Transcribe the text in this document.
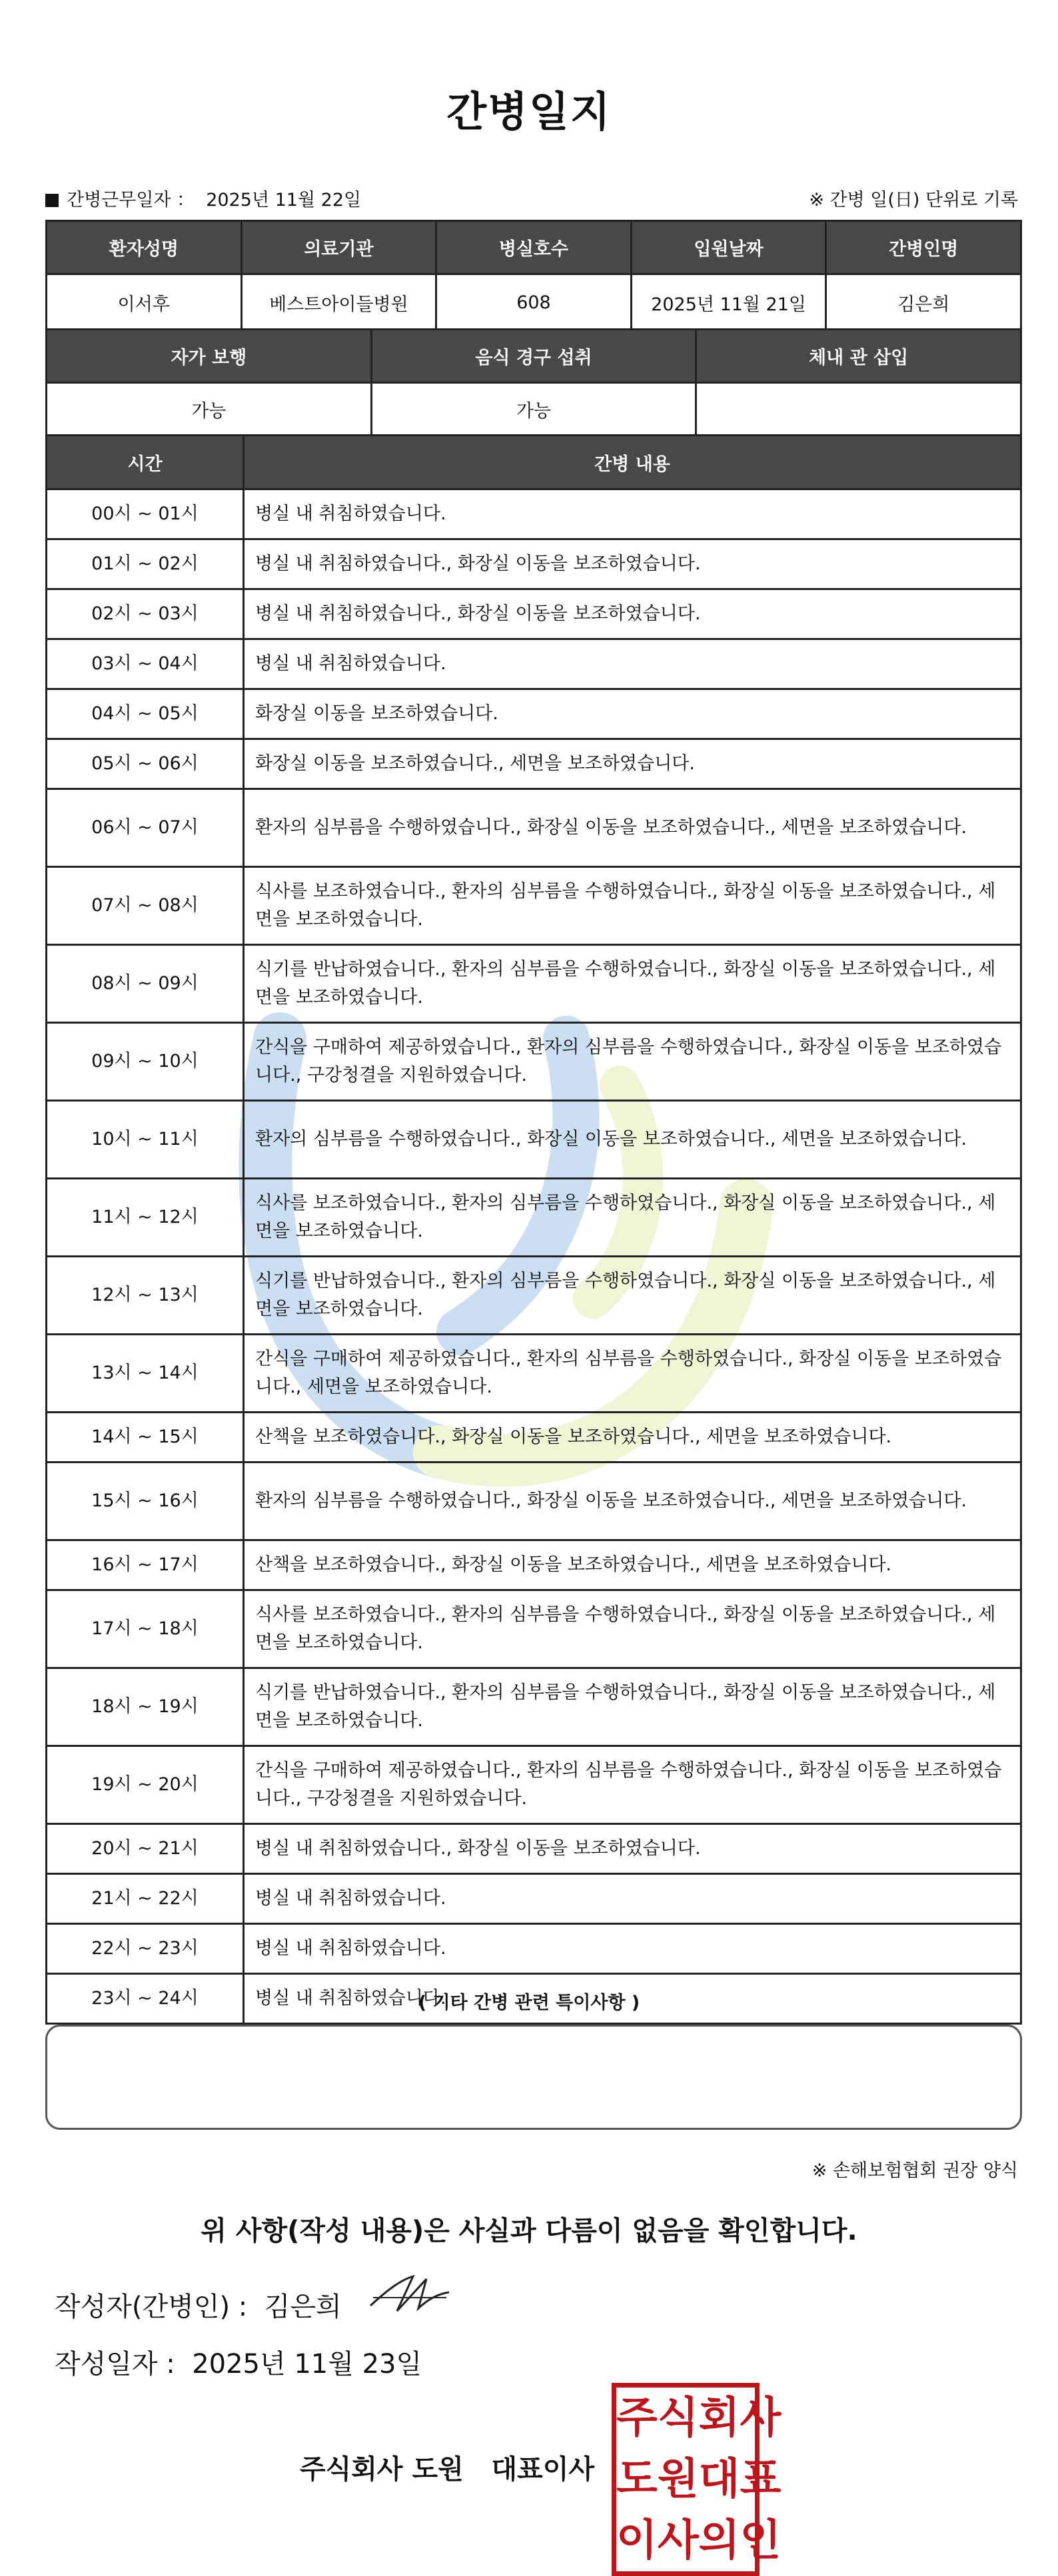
간병일지
간병근무일자 ： 2025년 11월 22일	※ 간병 일(日) 단위로 기록
환자성명	의료기관	병실호수	입원날짜	간병인명
이서후	베스트아이들병원	608	2025년 11월 21일	김은희
자가 보행	음식 경구 섭취	체내 관 삽입
가능	가능	
시간	간병 내용
00시 ~ 01시	병실 내 취침하였습니다.
01시 ~ 02시	병실 내 취침하였습니다., 화장실 이동을 보조하였습니다.
02시 ~ 03시	병실 내 취침하였습니다., 화장실 이동을 보조하였습니다.
03시 ~ 04시	병실 내 취침하였습니다.
04시 ~ 05시	화장실 이동을 보조하였습니다.
05시 ~ 06시	화장실 이동을 보조하였습니다., 세면을 보조하였습니다.
06시 ~ 07시	환자의 심부름을 수행하였습니다., 화장실 이동을 보조하였습니다., 세면을 보조하였습니다.
07시 ~ 08시	식사를 보조하였습니다., 환자의 심부름을 수행하였습니다., 화장실 이동을 보조하였습니다., 세면을 보조하였습니다.
08시 ~ 09시	식기를 반납하였습니다., 환자의 심부름을 수행하였습니다., 화장실 이동을 보조하였습니다., 세면을 보조하였습니다.
09시 ~ 10시	간식을 구매하여 제공하였습니다., 환자의 심부름을 수행하였습니다., 화장실 이동을 보조하였습니다., 구강청결을 지원하였습니다.
10시 ~ 11시	환자의 심부름을 수행하였습니다., 화장실 이동을 보조하였습니다., 세면을 보조하였습니다.
11시 ~ 12시	식사를 보조하였습니다., 환자의 심부름을 수행하였습니다., 화장실 이동을 보조하였습니다., 세면을 보조하였습니다.
12시 ~ 13시	식기를 반납하였습니다., 환자의 심부름을 수행하였습니다., 화장실 이동을 보조하였습니다., 세면을 보조하였습니다.
13시 ~ 14시	간식을 구매하여 제공하였습니다., 환자의 심부름을 수행하였습니다., 화장실 이동을 보조하였습니다., 세면을 보조하였습니다.
14시 ~ 15시	산책을 보조하였습니다., 화장실 이동을 보조하였습니다., 세면을 보조하였습니다.
15시 ~ 16시	환자의 심부름을 수행하였습니다., 화장실 이동을 보조하였습니다., 세면을 보조하였습니다.
16시 ~ 17시	산책을 보조하였습니다., 화장실 이동을 보조하였습니다., 세면을 보조하였습니다.
17시 ~ 18시	식사를 보조하였습니다., 환자의 심부름을 수행하였습니다., 화장실 이동을 보조하였습니다., 세면을 보조하였습니다.
18시 ~ 19시	식기를 반납하였습니다., 환자의 심부름을 수행하였습니다., 화장실 이동을 보조하였습니다., 세면을 보조하였습니다.
19시 ~ 20시	간식을 구매하여 제공하였습니다., 환자의 심부름을 수행하였습니다., 화장실 이동을 보조하였습니다., 구강청결을 지원하였습니다.
20시 ~ 21시	병실 내 취침하였습니다., 화장실 이동을 보조하였습니다.
21시 ~ 22시	병실 내 취침하였습니다.
22시 ~ 23시	병실 내 취침하였습니다.
23시 ~ 24시	병실 내 취침하였습니다.
( 기타 간병 관련 특이사항 )
※ 손해보험협회 권장 양식
위 사항(작성 내용)은 사실과 다름이 없음을 확인합니다.
작성자(간병인) : 김은희
작성일자 : 2025년 11월 23일
주식회사 도원   대표이사
주 식 회 사
도 원 대 표
이 사 의 인
